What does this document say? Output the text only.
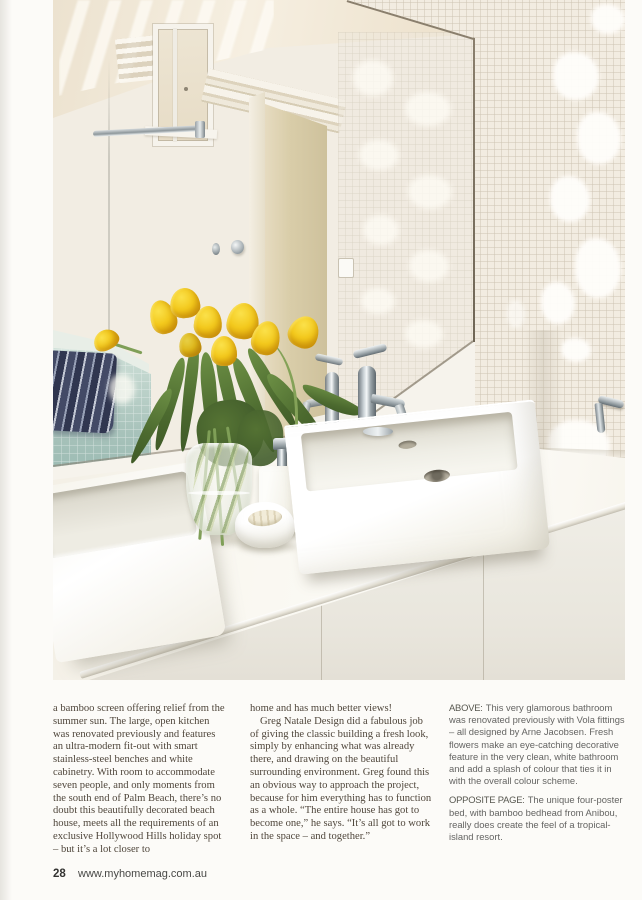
a bamboo screen offering relief from the summer sun. The large, open kitchen was renovated previously and features an ultra-modern fit-out with smart stainless-steel benches and white cabinetry. With room to accommodate seven people, and only moments from the south end of Palm Beach, there’s no doubt this beautifully decorated beach house, meets all the requirements of an exclusive Hollywood Hills holiday spot – but it’s a lot closer to

home and has much better views!

Greg Natale Design did a fabulous job of giving the classic building a fresh look, simply by enhancing what was already there, and drawing on the beautiful surrounding environment. Greg found this an obvious way to approach the project, because for him everything has to function as a whole. “The entire house has got to become one,” he says. “It’s all got to work in the space – and together.”

ABOVE: This very glamorous bathroom was renovated previously with Vola fittings – all designed by Arne Jacobsen. Fresh flowers make an eye-catching decorative feature in the very clean, white bathroom and add a splash of colour that ties it in with the overall colour scheme.

OPPOSITE PAGE: The unique four-poster bed, with bamboo bedhead from Anibou, really does create the feel of a tropical-island resort.

28 www.myhomemag.com.au
